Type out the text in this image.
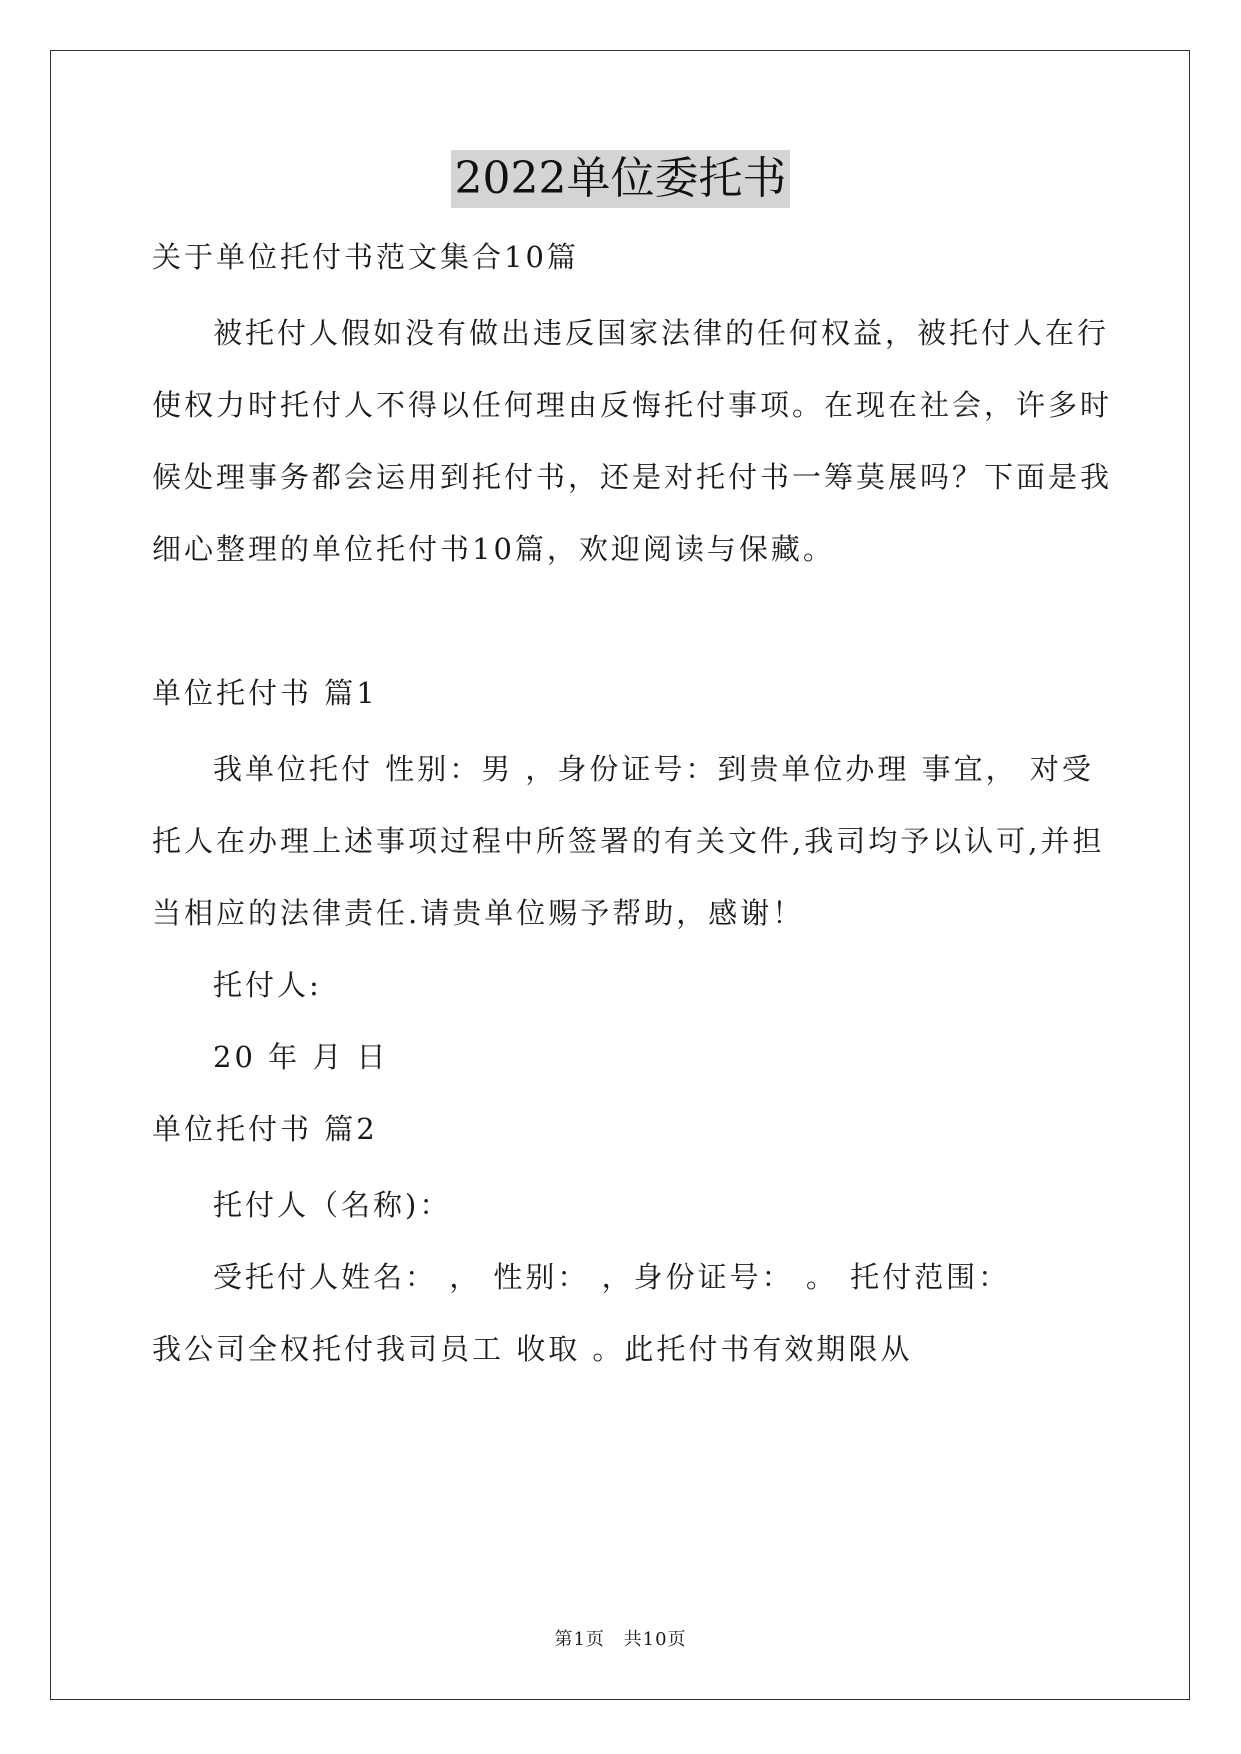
2022单位委托书
关于单位托付书范文集合10篇
被托付人假如没有做出违反国家法律的任何权益，被托付人在行
使权力时托付人不得以任何理由反悔托付事项。在现在社会，许多时
候处理事务都会运用到托付书，还是对托付书一筹莫展吗？下面是我
细心整理的单位托付书10篇，欢迎阅读与保藏。
单位托付书 篇1
我单位托付 性别：男 ，身份证号：到贵单位办理 事宜， 对受
托人在办理上述事项过程中所签署的有关文件,我司均予以认可,并担
当相应的法律责任.请贵单位赐予帮助，感谢！
托付人:
20 年 月 日
单位托付书 篇2
托付人（名称)：
受托付人姓名： ， 性别： ，身份证号： 。 托付范围：
我公司全权托付我司员工 收取 。此托付书有效期限从
第1页 共10页
